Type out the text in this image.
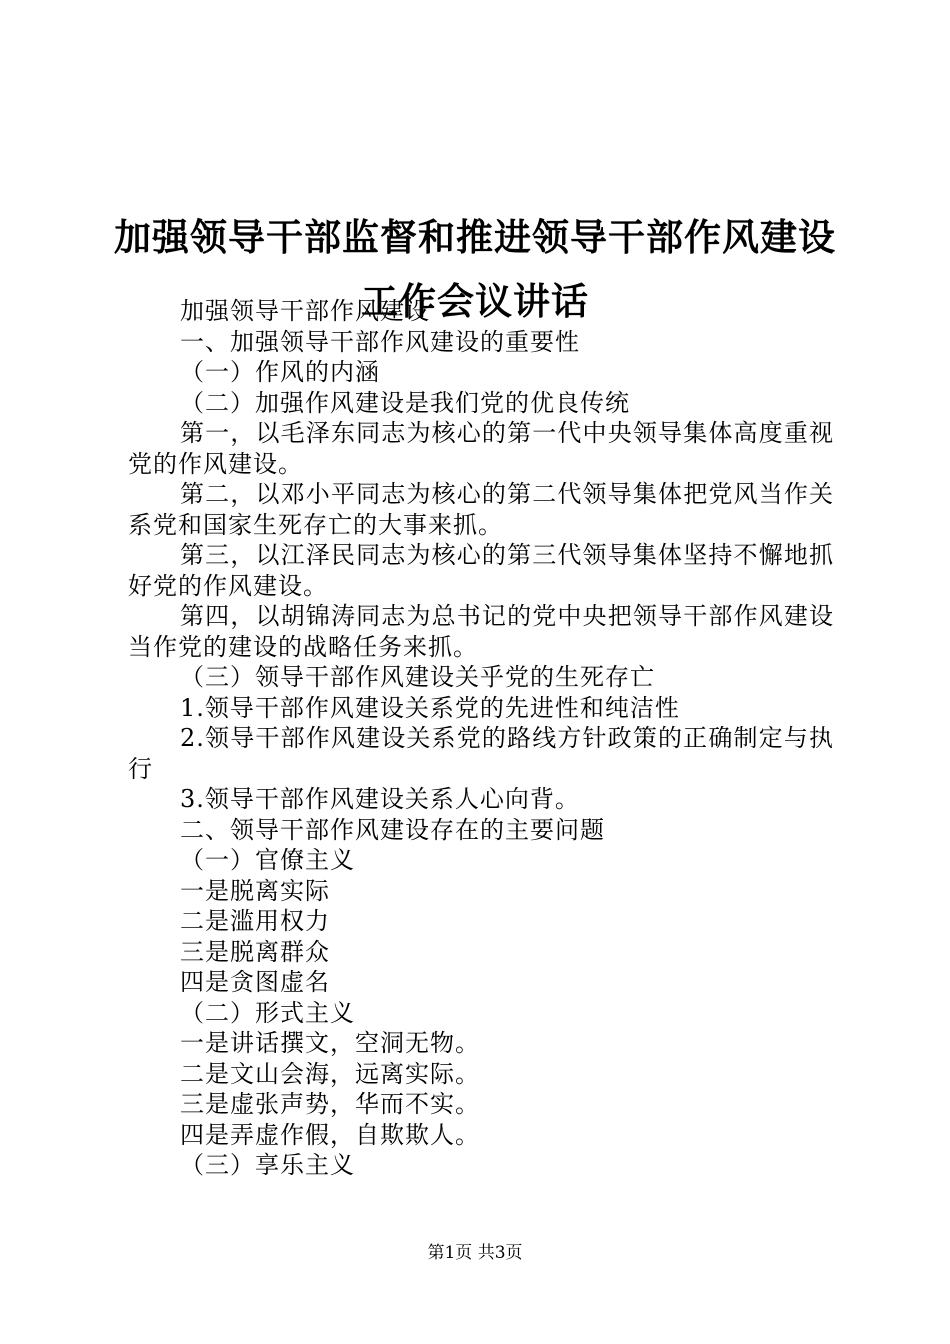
加强领导干部监督和推进领导干部作风建设工作会议讲话

加强领导干部作风建设

一、加强领导干部作风建设的重要性

（一）作风的内涵

（二）加强作风建设是我们党的优良传统

第一，以毛泽东同志为核心的第一代中央领导集体高度重视党的作风建设。

第二，以邓小平同志为核心的第二代领导集体把党风当作关系党和国家生死存亡的大事来抓。

第三，以江泽民同志为核心的第三代领导集体坚持不懈地抓好党的作风建设。

第四，以胡锦涛同志为总书记的党中央把领导干部作风建设当作党的建设的战略任务来抓。

（三）领导干部作风建设关乎党的生死存亡

1.领导干部作风建设关系党的先进性和纯洁性

2.领导干部作风建设关系党的路线方针政策的正确制定与执行

3.领导干部作风建设关系人心向背。

二、领导干部作风建设存在的主要问题

（一）官僚主义

一是脱离实际

二是滥用权力

三是脱离群众

四是贪图虚名

（二）形式主义

一是讲话撰文，空洞无物。

二是文山会海，远离实际。

三是虚张声势，华而不实。

四是弄虚作假，自欺欺人。

（三）享乐主义

第1页 共3页
